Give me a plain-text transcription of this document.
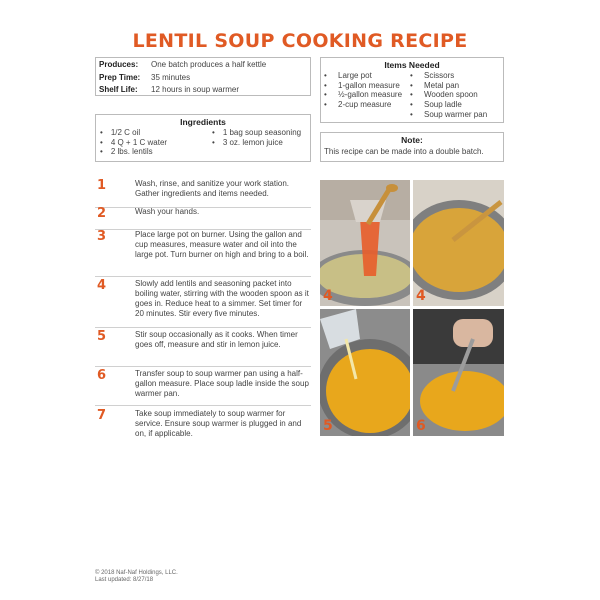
LENTIL SOUP COOKING RECIPE
Produces:	One batch produces a half kettle
Prep Time:	35 minutes
Shelf Life:	12 hours in soup warmer
Ingredients
• 1/2 C oil
• 4 Q + 1 C water
• 2 lbs. lentils
• 1 bag soup seasoning
• 3 oz. lemon juice
Items Needed
•	Large pot
•	1-gallon measure
•	½-gallon measure
•	2-cup measure
•	Scissors
•	Metal pan
•	Wooden spoon
•	Soup ladle
•	Soup warmer pan
Note:
This recipe can be made into a double batch.
1	Wash, rinse, and sanitize your work station. Gather ingredients and items needed.
2	Wash your hands.
3	Place large pot on burner. Using the gallon and cup measures, measure water and oil into the large pot. Turn burner on high and bring to a boil.
4	Slowly add lentils and seasoning packet into boiling water, stirring with the wooden spoon as it goes in. Reduce heat to a simmer. Set timer for 20 minutes. Stir every five minutes.
5	Stir soup occasionally as it cooks. When timer goes off, measure and stir in lemon juice.
6	Transfer soup to soup warmer pan using a half-gallon measure. Place soup ladle inside the soup warmer pan.
7	Take soup immediately to soup warmer for service. Ensure soup warmer is plugged in and on, if applicable.
4	4
5	6
© 2018 Naf-Naf Holdings, LLC.
Last updated: 8/27/18
